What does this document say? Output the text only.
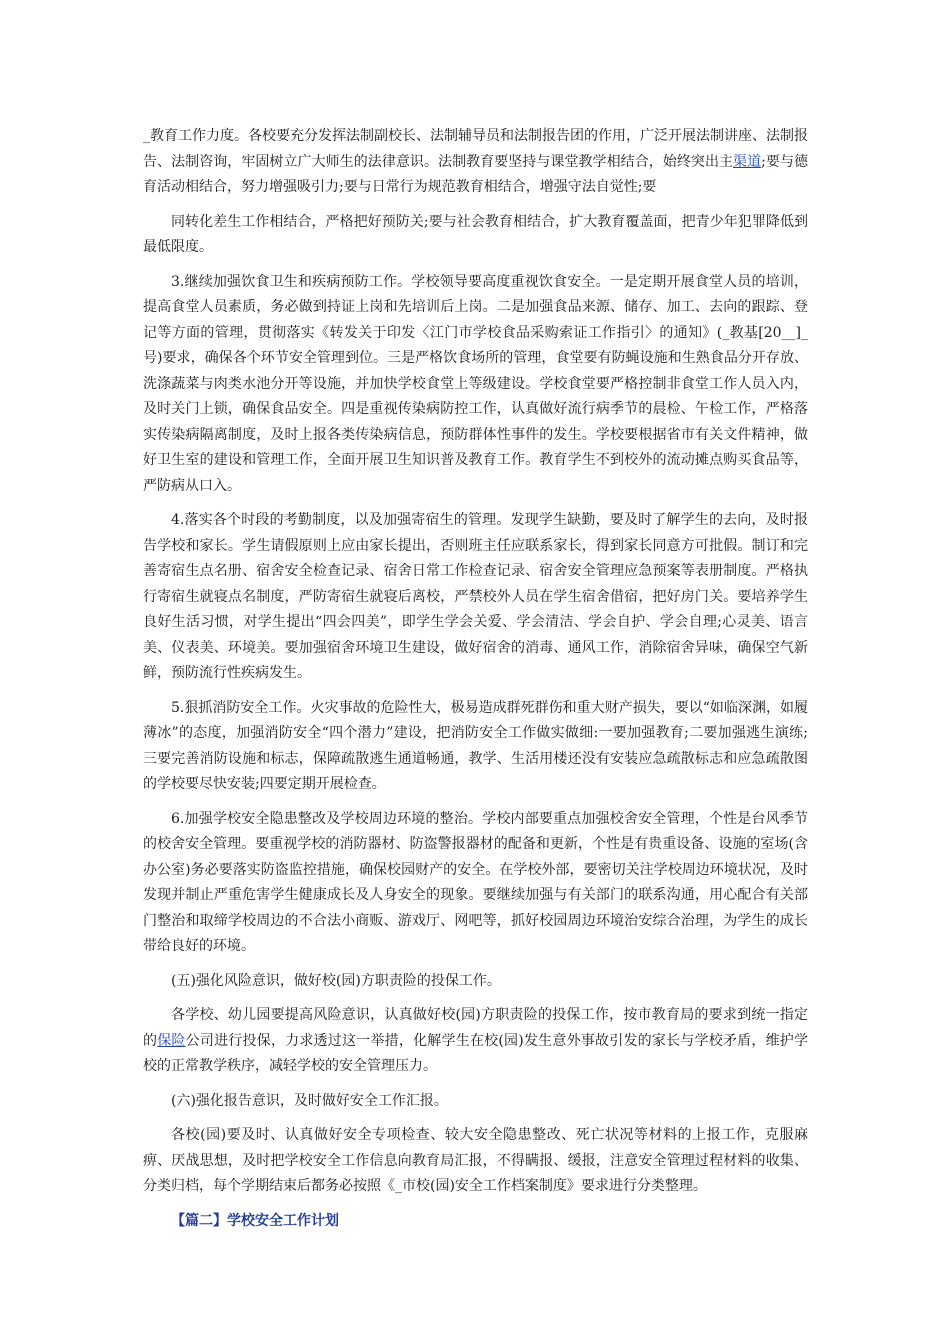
_教育工作力度。各校要充分发挥法制副校长、法制辅导员和法制报告团的作用，广泛开展法制讲座、法制报告、法制咨询，牢固树立广大师生的法律意识。法制教育要坚持与课堂教学相结合，始终突出主渠道;要与德育活动相结合，努力增强吸引力;要与日常行为规范教育相结合，增强守法自觉性;要

同转化差生工作相结合，严格把好预防关;要与社会教育相结合，扩大教育覆盖面，把青少年犯罪降低到最低限度。

3.继续加强饮食卫生和疾病预防工作。学校领导要高度重视饮食安全。一是定期开展食堂人员的培训，提高食堂人员素质，务必做到持证上岗和先培训后上岗。二是加强食品来源、储存、加工、去向的跟踪、登记等方面的管理，贯彻落实《转发关于印发〈江门市学校食品采购索证工作指引〉的通知》(_教基[20__]_号)要求，确保各个环节安全管理到位。三是严格饮食场所的管理，食堂要有防蝇设施和生熟食品分开存放、洗涤蔬菜与肉类水池分开等设施，并加快学校食堂上等级建设。学校食堂要严格控制非食堂工作人员入内，及时关门上锁，确保食品安全。四是重视传染病防控工作，认真做好流行病季节的晨检、午检工作，严格落实传染病隔离制度，及时上报各类传染病信息，预防群体性事件的发生。学校要根据省市有关文件精神，做好卫生室的建设和管理工作，全面开展卫生知识普及教育工作。教育学生不到校外的流动摊点购买食品等，严防病从口入。

4.落实各个时段的考勤制度，以及加强寄宿生的管理。发现学生缺勤，要及时了解学生的去向，及时报告学校和家长。学生请假原则上应由家长提出，否则班主任应联系家长，得到家长同意方可批假。制订和完善寄宿生点名册、宿舍安全检查记录、宿舍日常工作检查记录、宿舍安全管理应急预案等表册制度。严格执行寄宿生就寝点名制度，严防寄宿生就寝后离校，严禁校外人员在学生宿舍借宿，把好房门关。要培养学生良好生活习惯，对学生提出“四会四美”，即学生学会关爱、学会清洁、学会自护、学会自理;心灵美、语言美、仪表美、环境美。要加强宿舍环境卫生建设，做好宿舍的消毒、通风工作，消除宿舍异味，确保空气新鲜，预防流行性疾病发生。

5.狠抓消防安全工作。火灾事故的危险性大，极易造成群死群伤和重大财产损失，要以“如临深渊，如履薄冰”的态度，加强消防安全“四个潜力”建设，把消防安全工作做实做细:一要加强教育;二要加强逃生演练;三要完善消防设施和标志，保障疏散逃生通道畅通，教学、生活用楼还没有安装应急疏散标志和应急疏散图的学校要尽快安装;四要定期开展检查。

6.加强学校安全隐患整改及学校周边环境的整治。学校内部要重点加强校舍安全管理，个性是台风季节的校舍安全管理。要重视学校的消防器材、防盗警报器材的配备和更新，个性是有贵重设备、设施的室场(含办公室)务必要落实防盗监控措施，确保校园财产的安全。在学校外部，要密切关注学校周边环境状况，及时发现并制止严重危害学生健康成长及人身安全的现象。要继续加强与有关部门的联系沟通，用心配合有关部门整治和取缔学校周边的不合法小商贩、游戏厅、网吧等，抓好校园周边环境治安综合治理，为学生的成长带给良好的环境。

(五)强化风险意识，做好校(园)方职责险的投保工作。

各学校、幼儿园要提高风险意识，认真做好校(园)方职责险的投保工作，按市教育局的要求到统一指定的保险公司进行投保，力求透过这一举措，化解学生在校(园)发生意外事故引发的家长与学校矛盾，维护学校的正常教学秩序，减轻学校的安全管理压力。

(六)强化报告意识，及时做好安全工作汇报。

各校(园)要及时、认真做好安全专项检查、较大安全隐患整改、死亡状况等材料的上报工作，克服麻痹、厌战思想，及时把学校安全工作信息向教育局汇报，不得瞒报、缓报，注意安全管理过程材料的收集、分类归档，每个学期结束后都务必按照《_市校(园)安全工作档案制度》要求进行分类整理。

【篇二】学校安全工作计划
